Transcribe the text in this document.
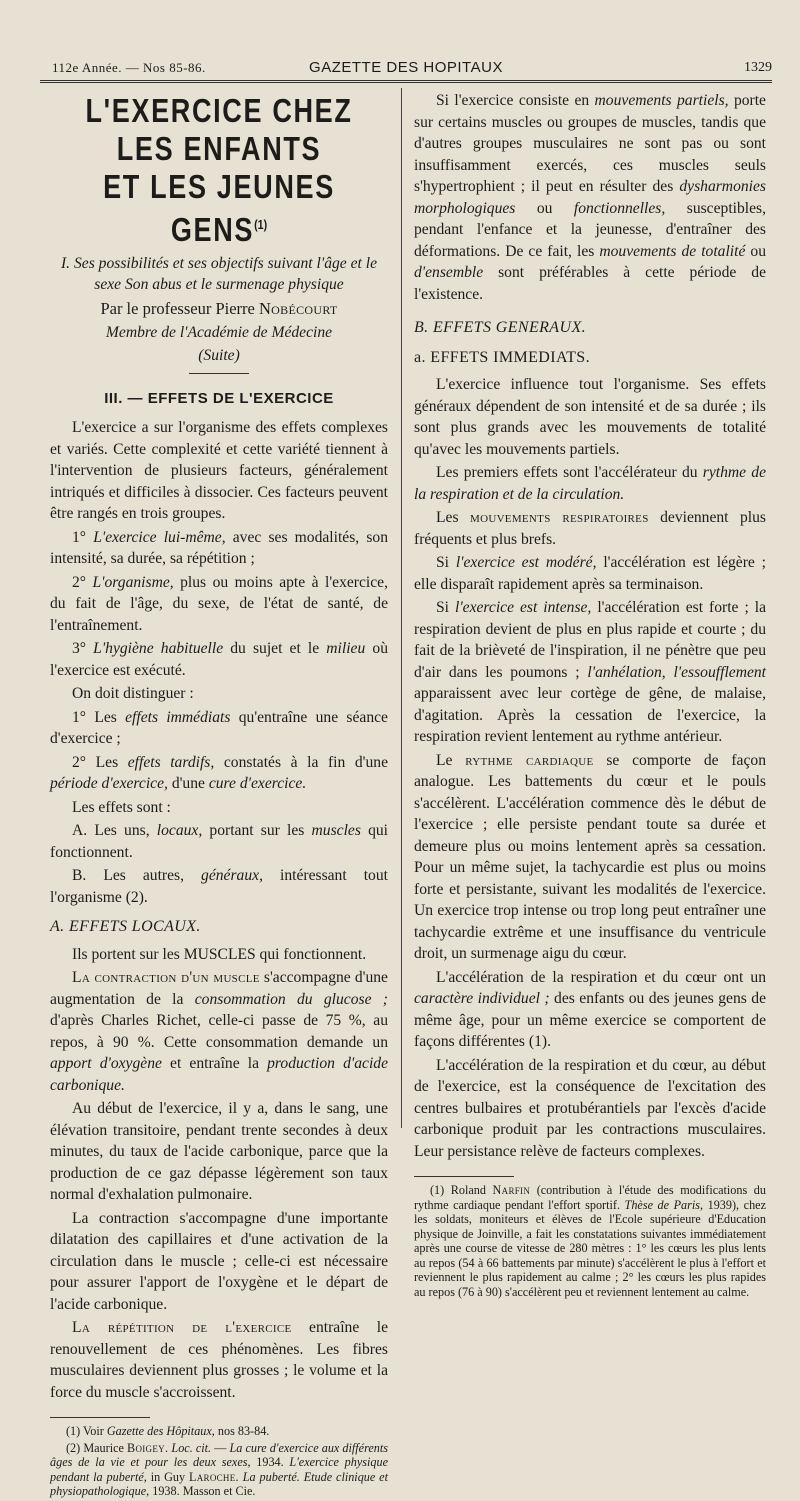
112e Année. — Nos 85-86.	GAZETTE DES HOPITAUX	1329
L'EXERCICE CHEZ LES ENFANTS
ET LES JEUNES GENS$^{(1)}$

I. Ses possibilités et ses objectifs suivant l'âge et le sexe Son abus et le surmenage physique

Par le professeur Pierre Nobécourt

Membre de l'Académie de Médecine

(Suite)

III. — EFFETS DE L'EXERCICE

L'exercice a sur l'organisme des effets complexes et variés. Cette complexité et cette variété tiennent à l'intervention de plusieurs facteurs, généralement intriqués et difficiles à dissocier. Ces facteurs peuvent être rangés en trois groupes.

1° L'exercice lui-même, avec ses modalités, son intensité, sa durée, sa répétition ;

2° L'organisme, plus ou moins apte à l'exercice, du fait de l'âge, du sexe, de l'état de santé, de l'entraînement.

3° L'hygiène habituelle du sujet et le milieu où l'exercice est exécuté.

On doit distinguer :

1° Les effets immédiats qu'entraîne une séance d'exercice ;

2° Les effets tardifs, constatés à la fin d'une période d'exercice, d'une cure d'exercice.

Les effets sont :

A. Les uns, locaux, portant sur les muscles qui fonctionnent.

B. Les autres, généraux, intéressant tout l'organisme (2).

A. EFFETS LOCAUX.

Ils portent sur les MUSCLES qui fonctionnent.

La contraction d'un muscle s'accompagne d'une augmentation de la consommation du glucose ; d'après Charles Richet, celle-ci passe de 75 %, au repos, à 90 %. Cette consommation demande un apport d'oxygène et entraîne la production d'acide carbonique.

Au début de l'exercice, il y a, dans le sang, une élévation transitoire, pendant trente secondes à deux minutes, du taux de l'acide carbonique, parce que la production de ce gaz dépasse légèrement son taux normal d'exhalation pulmonaire.

La contraction s'accompagne d'une importante dilatation des capillaires et d'une activation de la circulation dans le muscle ; celle-ci est nécessaire pour assurer l'apport de l'oxygène et le départ de l'acide carbonique.

La répétition de l'exercice entraîne le renouvellement de ces phénomènes. Les fibres musculaires deviennent plus grosses ; le volume et la force du muscle s'accroissent.

(1) Voir Gazette des Hôpitaux, nos 83-84.

(2) Maurice Boigey. Loc. cit. — La cure d'exercice aux différents âges de la vie et pour les deux sexes, 1934. L'exercice physique pendant la puberté, in Guy Laroche. La puberté. Etude clinique et physiopathologique, 1938. Masson et Cie.

Si l'exercice consiste en mouvements partiels, porte sur certains muscles ou groupes de muscles, tandis que d'autres groupes musculaires ne sont pas ou sont insuffisamment exercés, ces muscles seuls s'hypertrophient ; il peut en résulter des dysharmonies morphologiques ou fonctionnelles, susceptibles, pendant l'enfance et la jeunesse, d'entraîner des déformations. De ce fait, les mouvements de totalité ou d'ensemble sont préférables à cette période de l'existence.

B. EFFETS GENERAUX.
a. EFFETS IMMEDIATS.

L'exercice influence tout l'organisme. Ses effets généraux dépendent de son intensité et de sa durée ; ils sont plus grands avec les mouvements de totalité qu'avec les mouvements partiels.

Les premiers effets sont l'accélérateur du rythme de la respiration et de la circulation.

Les mouvements respiratoires deviennent plus fréquents et plus brefs.

Si l'exercice est modéré, l'accélération est légère ; elle disparaît rapidement après sa terminaison.

Si l'exercice est intense, l'accélération est forte ; la respiration devient de plus en plus rapide et courte ; du fait de la brièveté de l'inspiration, il ne pénètre que peu d'air dans les poumons ; l'anhélation, l'essoufflement apparaissent avec leur cortège de gêne, de malaise, d'agitation. Après la cessation de l'exercice, la respiration revient lentement au rythme antérieur.

Le rythme cardiaque se comporte de façon analogue. Les battements du cœur et le pouls s'accélèrent. L'accélération commence dès le début de l'exercice ; elle persiste pendant toute sa durée et demeure plus ou moins lentement après sa cessation. Pour un même sujet, la tachycardie est plus ou moins forte et persistante, suivant les modalités de l'exercice. Un exercice trop intense ou trop long peut entraîner une tachycardie extrême et une insuffisance du ventricule droit, un surmenage aigu du cœur.

L'accélération de la respiration et du cœur ont un caractère individuel ; des enfants ou des jeunes gens de même âge, pour un même exercice se comportent de façons différentes (1).

L'accélération de la respiration et du cœur, au début de l'exercice, est la conséquence de l'excitation des centres bulbaires et protubérantiels par l'excès d'acide carbonique produit par les contractions musculaires. Leur persistance relève de facteurs complexes.

(1) Roland Narfin (contribution à l'étude des modifications du rythme cardiaque pendant l'effort sportif. Thèse de Paris, 1939), chez les soldats, moniteurs et élèves de l'Ecole supérieure d'Education physique de Joinville, a fait les constatations suivantes immédiatement après une course de vitesse de 280 mètres : 1° les cœurs les plus lents au repos (54 à 66 battements par minute) s'accélèrent le plus à l'effort et reviennent le plus rapidement au calme ; 2° les cœurs les plus rapides au repos (76 à 90) s'accélèrent peu et reviennent lentement au calme.
